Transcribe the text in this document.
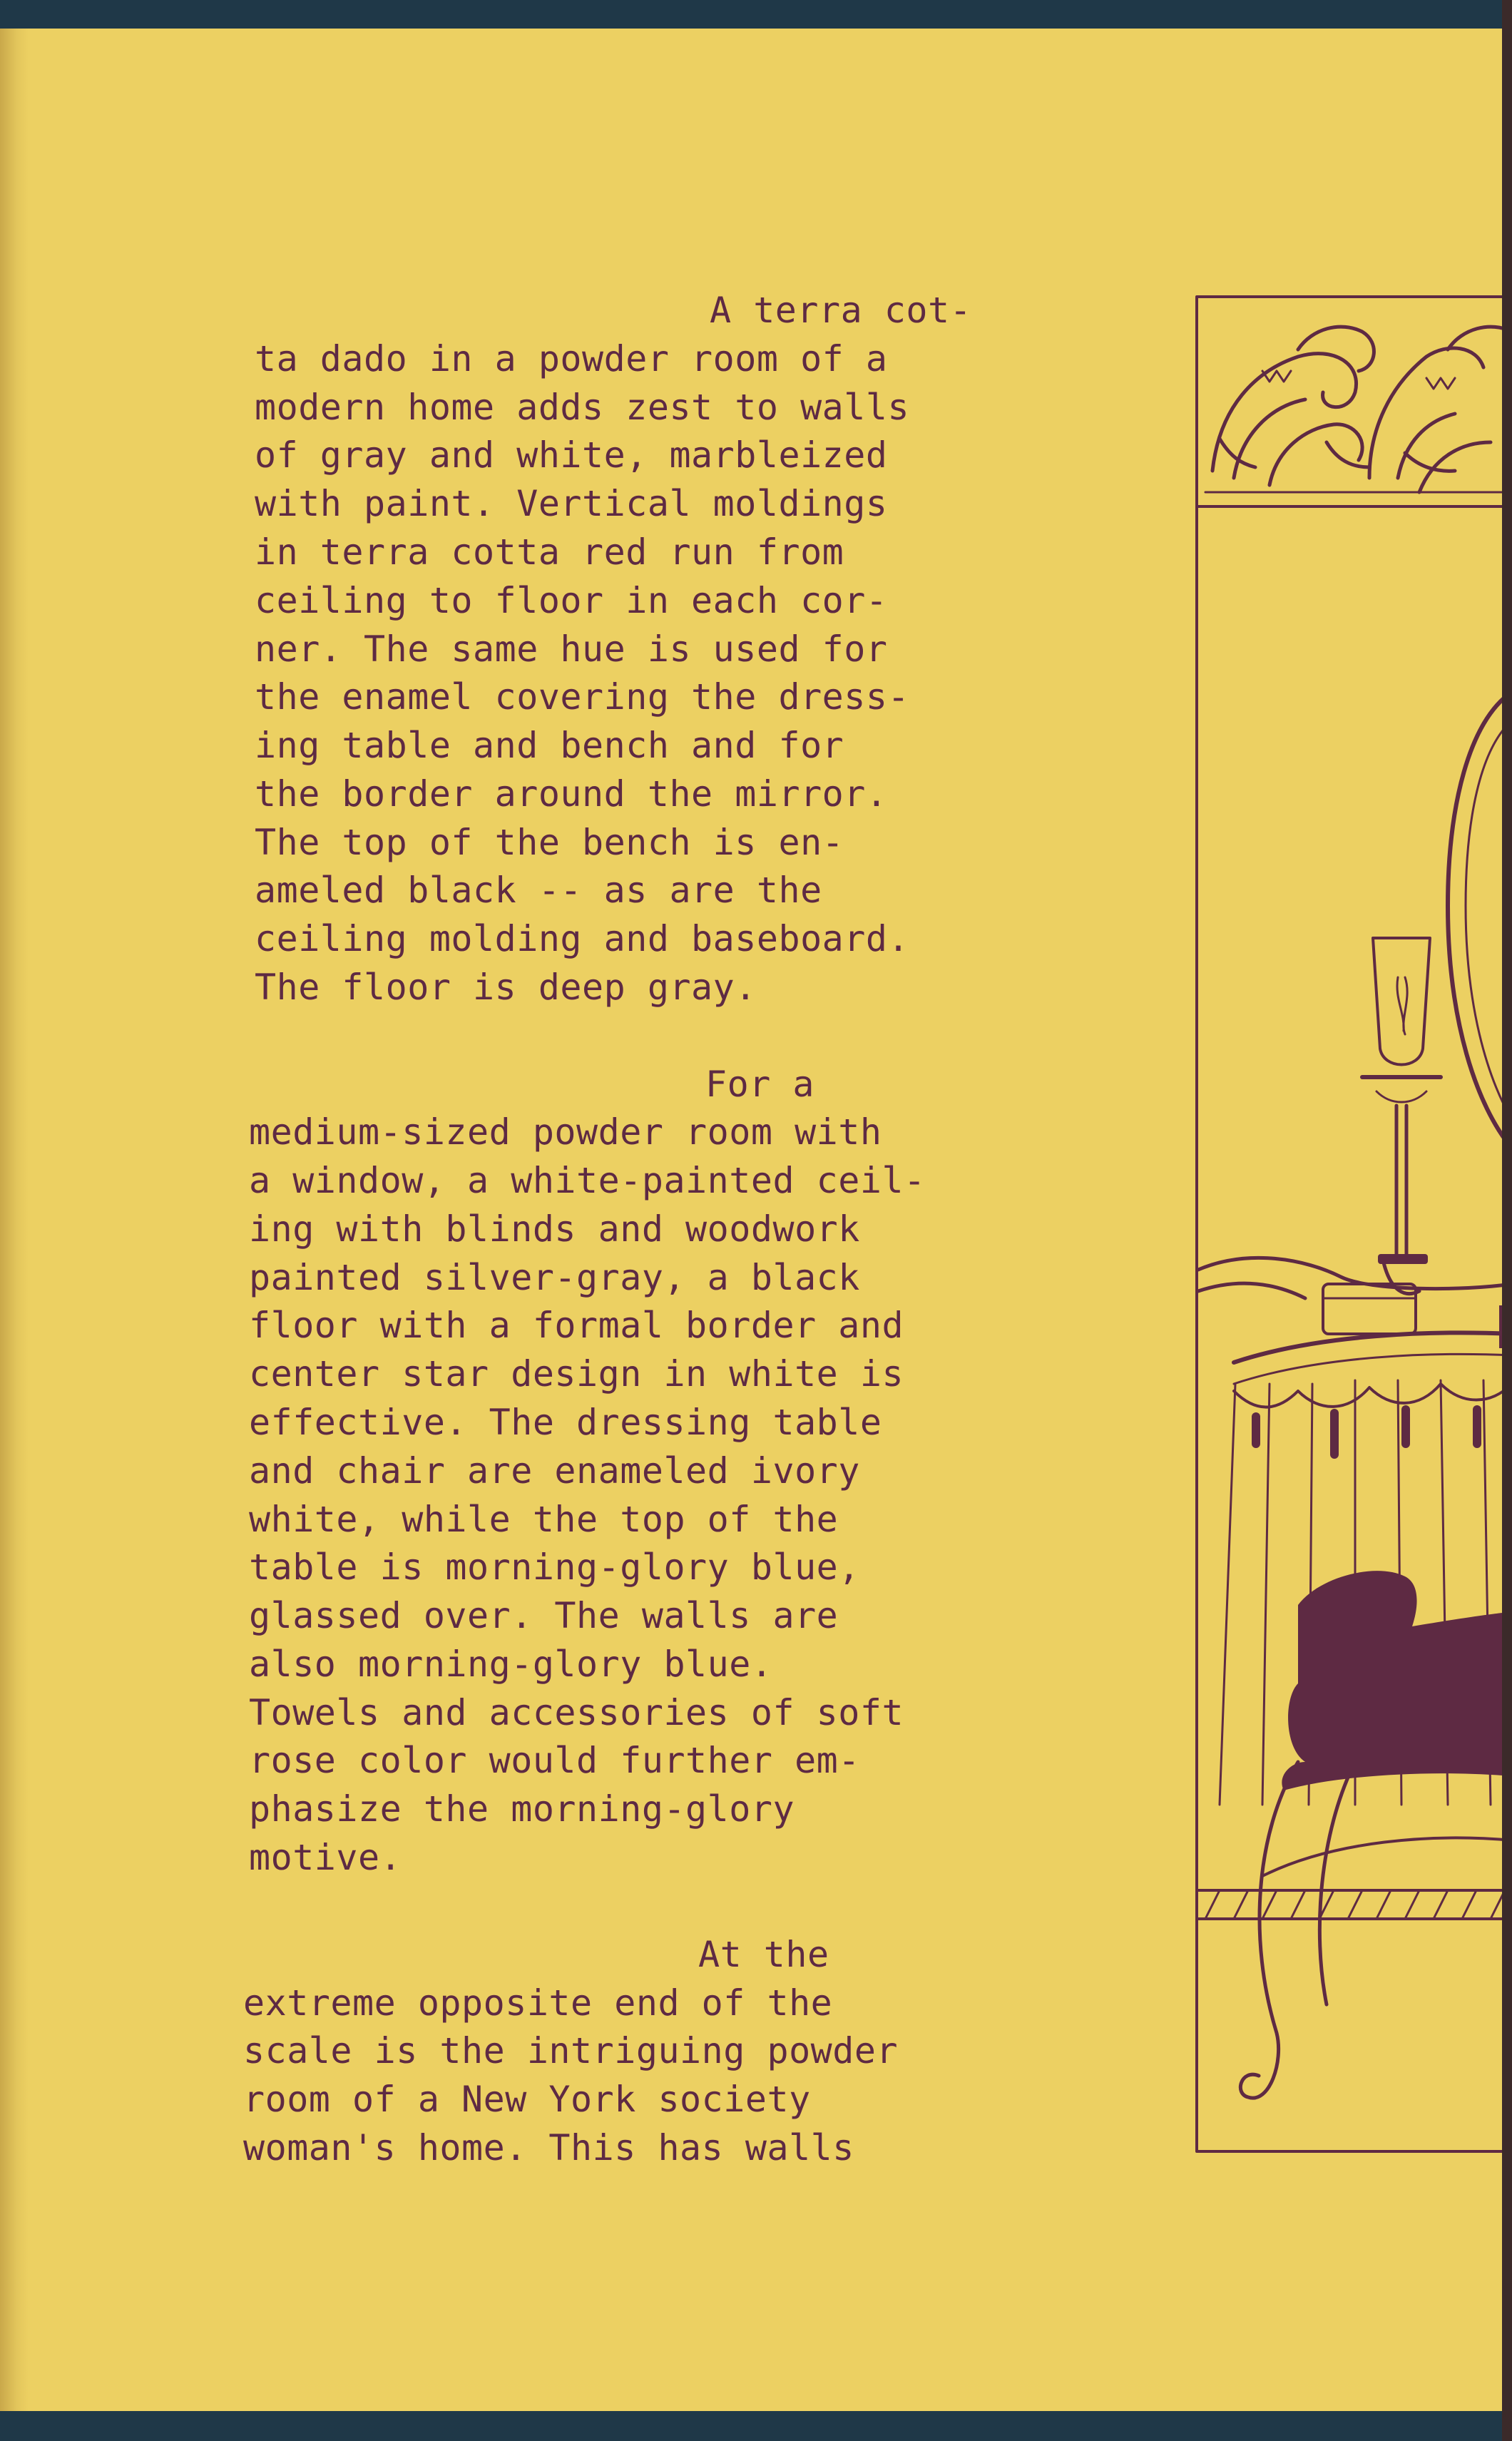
A terra cot-
ta dado in a powder room of a
modern home adds zest to walls
of gray and white, marbleized
with paint. Vertical moldings
in terra cotta red run from
ceiling to floor in each cor-
ner. The same hue is used for
the enamel covering the dress-
ing table and bench and for
the border around the mirror.
The top of the bench is en-
ameled black -- as are the
ceiling molding and baseboard.
The floor is deep gray.
For a
medium-sized powder room with
a window, a white-painted ceil-
ing with blinds and woodwork
painted silver-gray, a black
floor with a formal border and
center star design in white is
effective. The dressing table
and chair are enameled ivory
white, while the top of the
table is morning-glory blue,
glassed over. The walls are
also morning-glory blue.
Towels and accessories of soft
rose color would further em-
phasize the morning-glory
motive.
At the
extreme opposite end of the
scale is the intriguing powder
room of a New York society
woman's home. This has walls
